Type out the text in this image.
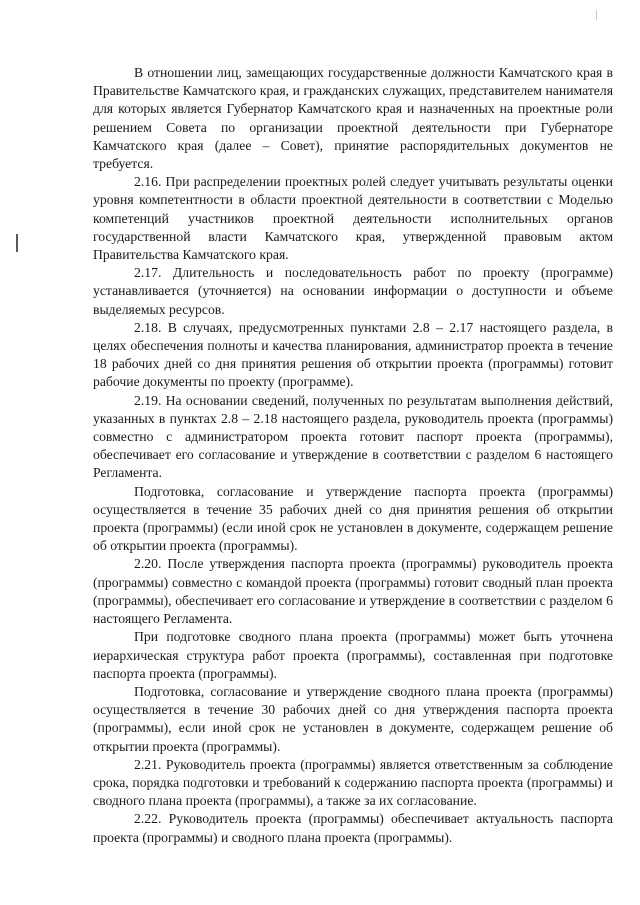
В отношении лиц, замещающих государственные должности Камчатского края в Правительстве Камчатского края, и гражданских служащих, представителем нанимателя для которых является Губернатор Камчатского края и назначенных на проектные роли решением Совета по организации проектной деятельности при Губернаторе Камчатского края (далее – Совет), принятие распорядительных документов не требуется.

2.16. При распределении проектных ролей следует учитывать результаты оценки уровня компетентности в области проектной деятельности в соответствии с Моделью компетенций участников проектной деятельности исполнительных органов государственной власти Камчатского края, утвержденной правовым актом Правительства Камчатского края.

2.17. Длительность и последовательность работ по проекту (программе) устанавливается (уточняется) на основании информации о доступности и объеме выделяемых ресурсов.

2.18. В случаях, предусмотренных пунктами 2.8 – 2.17 настоящего раздела, в целях обеспечения полноты и качества планирования, администратор проекта в течение 18 рабочих дней со дня принятия решения об открытии проекта (программы) готовит рабочие документы по проекту (программе).

2.19. На основании сведений, полученных по результатам выполнения действий, указанных в пунктах 2.8 – 2.18 настоящего раздела, руководитель проекта (программы) совместно с администратором проекта готовит паспорт проекта (программы), обеспечивает его согласование и утверждение в соответствии с разделом 6 настоящего Регламента.

Подготовка, согласование и утверждение паспорта проекта (программы) осуществляется в течение 35 рабочих дней со дня принятия решения об открытии проекта (программы) (если иной срок не установлен в документе, содержащем решение об открытии проекта (программы).

2.20. После утверждения паспорта проекта (программы) руководитель проекта (программы) совместно с командой проекта (программы) готовит сводный план проекта (программы), обеспечивает его согласование и утверждение в соответствии с разделом 6 настоящего Регламента.

При подготовке сводного плана проекта (программы) может быть уточнена иерархическая структура работ проекта (программы), составленная при подготовке паспорта проекта (программы).

Подготовка, согласование и утверждение сводного плана проекта (программы) осуществляется в течение 30 рабочих дней со дня утверждения паспорта проекта (программы), если иной срок не установлен в документе, содержащем решение об открытии проекта (программы).

2.21. Руководитель проекта (программы) является ответственным за соблюдение срока, порядка подготовки и требований к содержанию паспорта проекта (программы) и сводного плана проекта (программы), а также за их согласование.

2.22. Руководитель проекта (программы) обеспечивает актуальность паспорта проекта (программы) и сводного плана проекта (программы).
